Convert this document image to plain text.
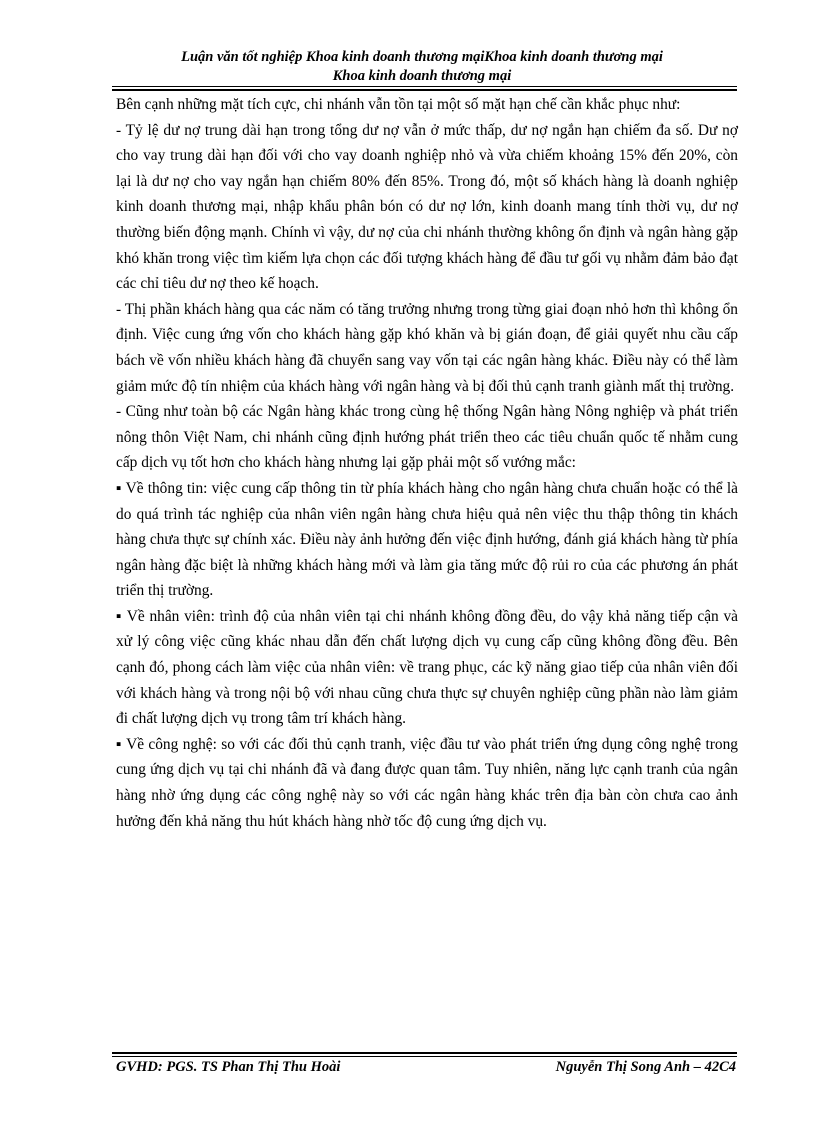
Luận văn tốt nghiệp Khoa kinh doanh thương mạiKhoa kinh doanh thương mại
Khoa kinh doanh thương mại

Bên cạnh những mặt tích cực, chi nhánh vẫn tồn tại một số mặt hạn chế cần khắc phục như:

- Tỷ lệ dư nợ trung dài hạn trong tổng dư nợ vẫn ở mức thấp, dư nợ ngắn hạn chiếm đa số. Dư nợ cho vay trung dài hạn đối với cho vay doanh nghiệp nhỏ và vừa chiếm khoảng 15% đến 20%, còn lại là dư nợ cho vay ngắn hạn chiếm 80% đến 85%. Trong đó, một số khách hàng là doanh nghiệp kinh doanh thương mại, nhập khẩu phân bón có dư nợ lớn, kinh doanh mang tính thời vụ, dư nợ thường biến động mạnh. Chính vì vậy, dư nợ của chi nhánh thường không ổn định và ngân hàng gặp khó khăn trong việc tìm kiếm lựa chọn các đối tượng khách hàng để đầu tư gối vụ nhằm đảm bảo đạt các chỉ tiêu dư nợ theo kế hoạch.

- Thị phần khách hàng qua các năm có tăng trưởng nhưng trong từng giai đoạn nhỏ hơn thì không ổn định. Việc cung ứng vốn cho khách hàng gặp khó khăn và bị gián đoạn, để giải quyết nhu cầu cấp bách về vốn nhiều khách hàng đã chuyển sang vay vốn tại các ngân hàng khác. Điều này có thể làm giảm mức độ tín nhiệm của khách hàng với ngân hàng và bị đối thủ cạnh tranh giành mất thị trường.

- Cũng như toàn bộ các Ngân hàng khác trong cùng hệ thống Ngân hàng Nông nghiệp và phát triển nông thôn Việt Nam, chi nhánh cũng định hướng phát triển theo các tiêu chuẩn quốc tế nhằm cung cấp dịch vụ tốt hơn cho khách hàng nhưng lại gặp phải một số vướng mắc:

▪ Về thông tin: việc cung cấp thông tin từ phía khách hàng cho ngân hàng chưa chuẩn hoặc có thể là do quá trình tác nghiệp của nhân viên ngân hàng chưa hiệu quả nên việc thu thập thông tin khách hàng chưa thực sự chính xác. Điều này ảnh hưởng đến việc định hướng, đánh giá khách hàng từ phía ngân hàng đặc biệt là những khách hàng mới và làm gia tăng mức độ rủi ro của các phương án phát triển thị trường.

▪ Về nhân viên: trình độ của nhân viên tại chi nhánh không đồng đều, do vậy khả năng tiếp cận và xử lý công việc cũng khác nhau dẫn đến chất lượng dịch vụ cung cấp cũng không đồng đều. Bên cạnh đó, phong cách làm việc của nhân viên: về trang phục, các kỹ năng giao tiếp của nhân viên đối với khách hàng và trong nội bộ với nhau cũng chưa thực sự chuyên nghiệp cũng phần nào làm giảm đi chất lượng dịch vụ trong tâm trí khách hàng.

▪ Về công nghệ: so với các đối thủ cạnh tranh, việc đầu tư vào phát triển ứng dụng công nghệ trong cung ứng dịch vụ tại chi nhánh đã và đang được quan tâm. Tuy nhiên, năng lực cạnh tranh của ngân hàng nhờ ứng dụng các công nghệ này so với các ngân hàng khác trên địa bàn còn chưa cao ảnh hưởng đến khả năng thu hút khách hàng nhờ tốc độ cung ứng dịch vụ.

GVHD: PGS. TS Phan Thị Thu Hoài	Nguyễn Thị Song Anh – 42C4
